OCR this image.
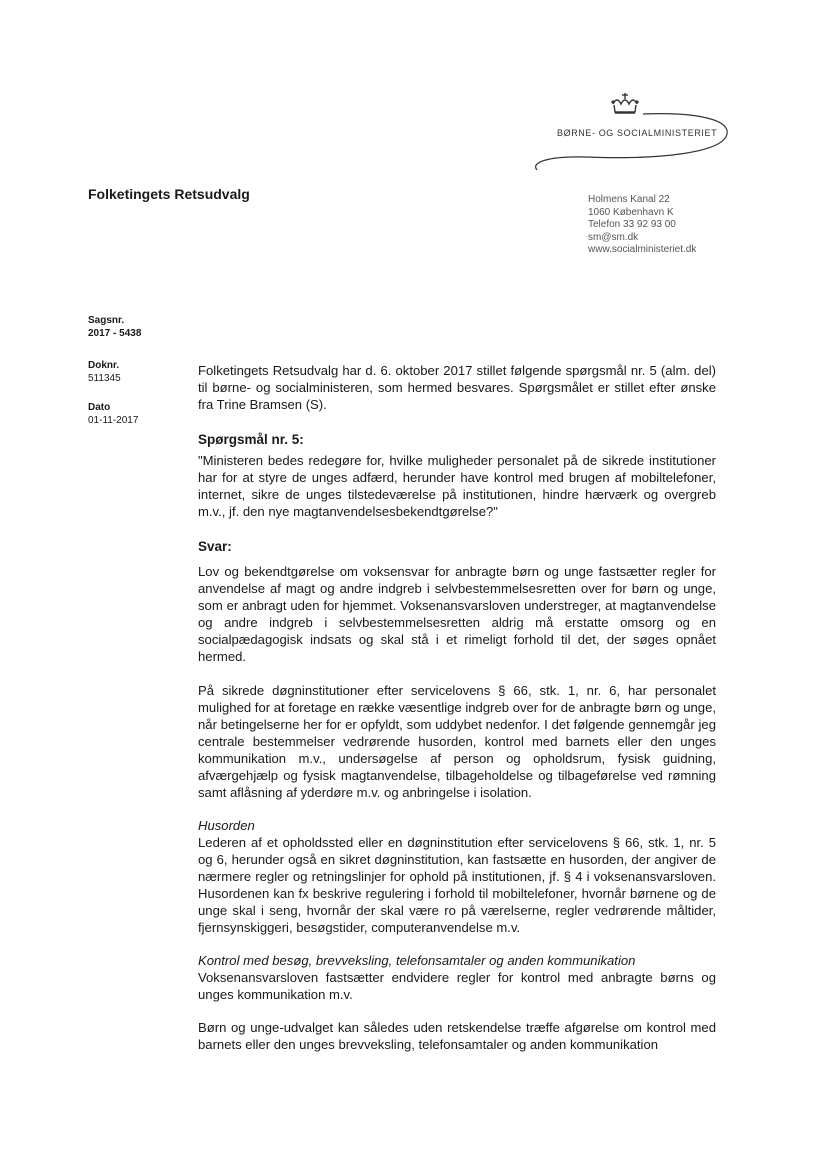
BØRNE- OG SOCIALMINISTERIET
Folketingets Retsudvalg	Holmens Kanal 22
1060 København K
Telefon 33 92 93 00
sm@sm.dk
www.socialministeriet.dk
Sagsnr.
2017 - 5438
Doknr.
511345
Dato
01-11-2017

Folketingets Retsudvalg har d. 6. oktober 2017 stillet følgende spørgsmål nr. 5 (alm. del) til børne- og socialministeren, som hermed besvares. Spørgsmålet er stillet efter ønske fra Trine Bramsen (S).

Spørgsmål nr. 5:

"Ministeren bedes redegøre for, hvilke muligheder personalet på de sikrede institutioner har for at styre de unges adfærd, herunder have kontrol med brugen af mobiltelefoner, internet, sikre de unges tilstedeværelse på institutionen, hindre hærværk og overgreb m.v., jf. den nye magtanvendelsesbekendtgørelse?"

Svar:

Lov og bekendtgørelse om voksensvar for anbragte børn og unge fastsætter regler for anvendelse af magt og andre indgreb i selvbestemmelsesretten over for børn og unge, som er anbragt uden for hjemmet. Voksenansvarsloven understreger, at magtanvendelse og andre indgreb i selvbestemmelsesretten aldrig må erstatte omsorg og en socialpædagogisk indsats og skal stå i et rimeligt forhold til det, der søges opnået hermed.

På sikrede døgninstitutioner efter servicelovens § 66, stk. 1, nr. 6, har personalet mulighed for at foretage en række væsentlige indgreb over for de anbragte børn og unge, når betingelserne her for er opfyldt, som uddybet nedenfor. I det følgende gennemgår jeg centrale bestemmelser vedrørende husorden, kontrol med barnets eller den unges kommunikation m.v., undersøgelse af person og opholdsrum, fysisk guidning, afværgehjælp og fysisk magtanvendelse, tilbageholdelse og tilbageførelse ved rømning samt aflåsning af yderdøre m.v. og anbringelse i isolation.

Husorden

Lederen af et opholdssted eller en døgninstitution efter servicelovens § 66, stk. 1, nr. 5 og 6, herunder også en sikret døgninstitution, kan fastsætte en husorden, der angiver de nærmere regler og retningslinjer for ophold på institutionen, jf. § 4 i voksenansvarsloven. Husordenen kan fx beskrive regulering i forhold til mobiltelefoner, hvornår børnene og de unge skal i seng, hvornår der skal være ro på værelserne, regler vedrørende måltider, fjernsynskiggeri, besøgstider, computeranvendelse m.v.

Kontrol med besøg, brevveksling, telefonsamtaler og anden kommunikation

Voksenansvarsloven fastsætter endvidere regler for kontrol med anbragte børns og unges kommunikation m.v.

Børn og unge-udvalget kan således uden retskendelse træffe afgørelse om kontrol med barnets eller den unges brevveksling, telefonsamtaler og anden kommunikation
